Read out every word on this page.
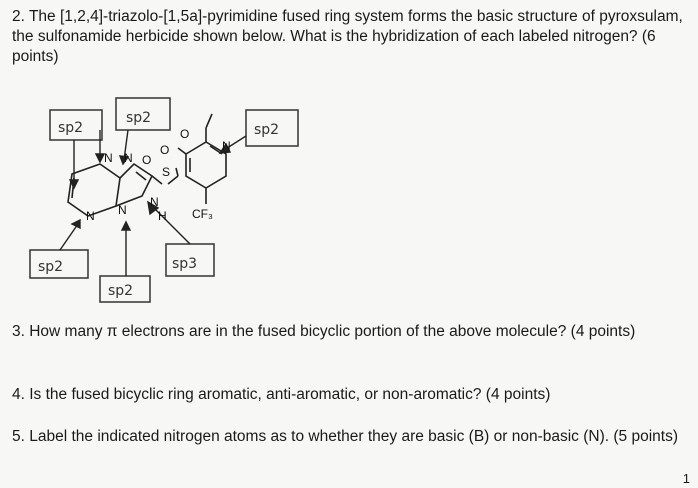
2. The [1,2,4]-triazolo-[1,5a]-pyrimidine fused ring system forms the basic structure of pyroxsulam, the sulfonamide herbicide shown below. What is the hybridization of each labeled nitrogen? (6 points)
sp2
sp2
sp2
sp2	sp3
sp2
N N
N N
N
H
O
O
S
N
O
CF₃
3. How many π electrons are in the fused bicyclic portion of the above molecule? (4 points)
4. Is the fused bicyclic ring aromatic, anti-aromatic, or non-aromatic? (4 points)
5. Label the indicated nitrogen atoms as to whether they are basic (B) or non-basic (N). (5 points)
1
